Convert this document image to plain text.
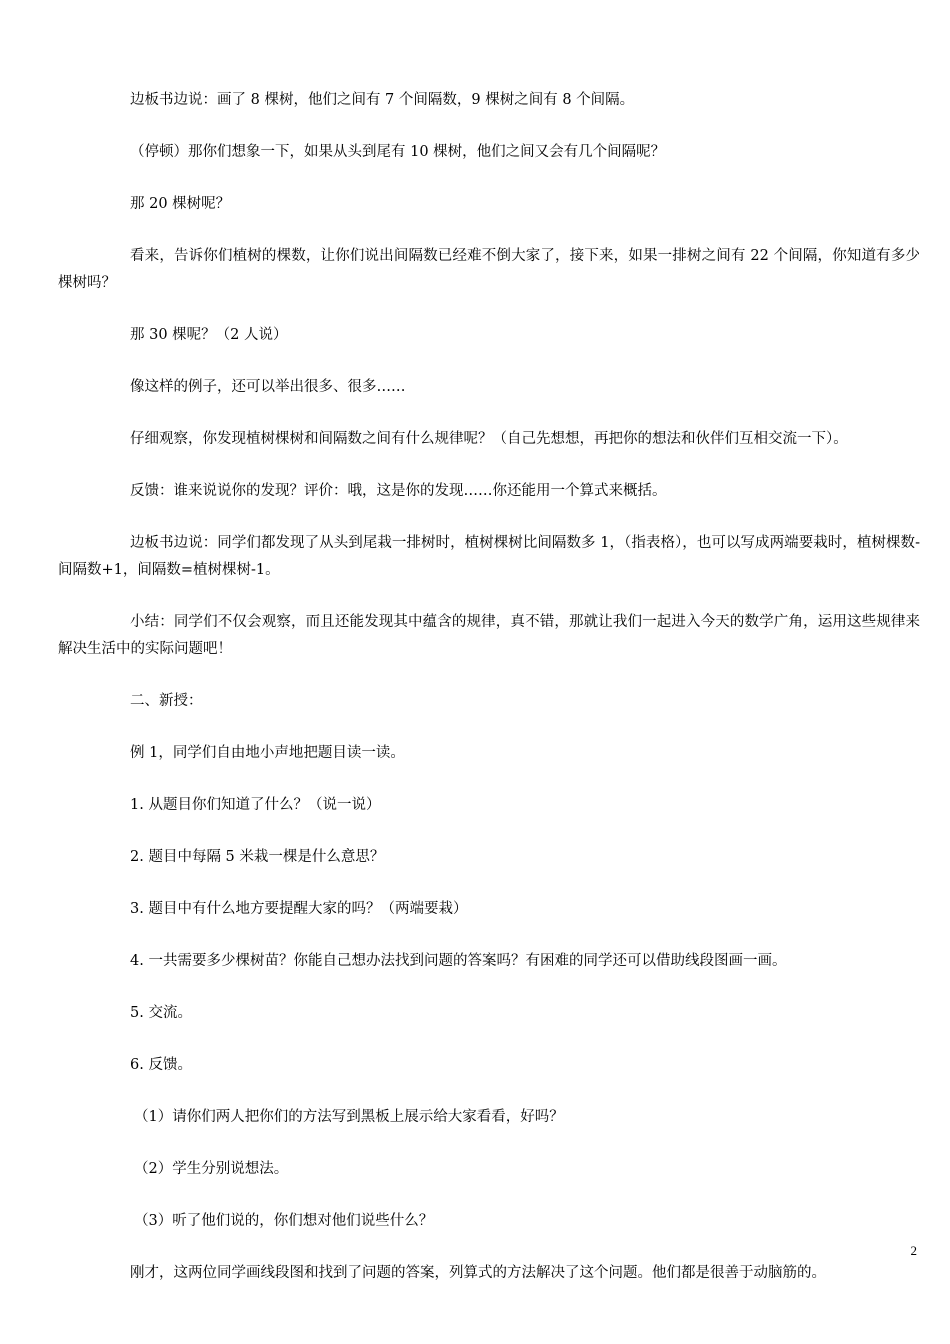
边板书边说：画了 8 棵树，他们之间有 7 个间隔数，9 棵树之间有 8 个间隔。

（停顿）那你们想象一下，如果从头到尾有 10 棵树，他们之间又会有几个间隔呢？

那 20 棵树呢？

看来，告诉你们植树的棵数，让你们说出间隔数已经难不倒大家了，接下来，如果一排树之间有 22 个间隔，你知道有多少棵树吗？

那 30 棵呢？（2 人说）

像这样的例子，还可以举出很多、很多……

仔细观察，你发现植树棵树和间隔数之间有什么规律呢？（自己先想想，再把你的想法和伙伴们互相交流一下）。

反馈：谁来说说你的发现？评价：哦，这是你的发现……你还能用一个算式来概括。

边板书边说：同学们都发现了从头到尾栽一排树时，植树棵树比间隔数多 1，（指表格），也可以写成两端要栽时，植树棵数-间隔数+1，间隔数=植树棵树-1。

小结：同学们不仅会观察，而且还能发现其中蕴含的规律，真不错，那就让我们一起进入今天的数学广角，运用这些规律来解决生活中的实际问题吧！

二、新授：

例 1，同学们自由地小声地把题目读一读。

1. 从题目你们知道了什么？（说一说）

2. 题目中每隔 5 米栽一棵是什么意思？

3. 题目中有什么地方要提醒大家的吗？（两端要栽）

4. 一共需要多少棵树苗？你能自己想办法找到问题的答案吗？有困难的同学还可以借助线段图画一画。

5. 交流。

6. 反馈。

（1）请你们两人把你们的方法写到黑板上展示给大家看看，好吗？

（2）学生分别说想法。

（3）听了他们说的，你们想对他们说些什么？

刚才，这两位同学画线段图和找到了问题的答案，列算式的方法解决了这个问题。他们都是很善于动脑筋的。

2
